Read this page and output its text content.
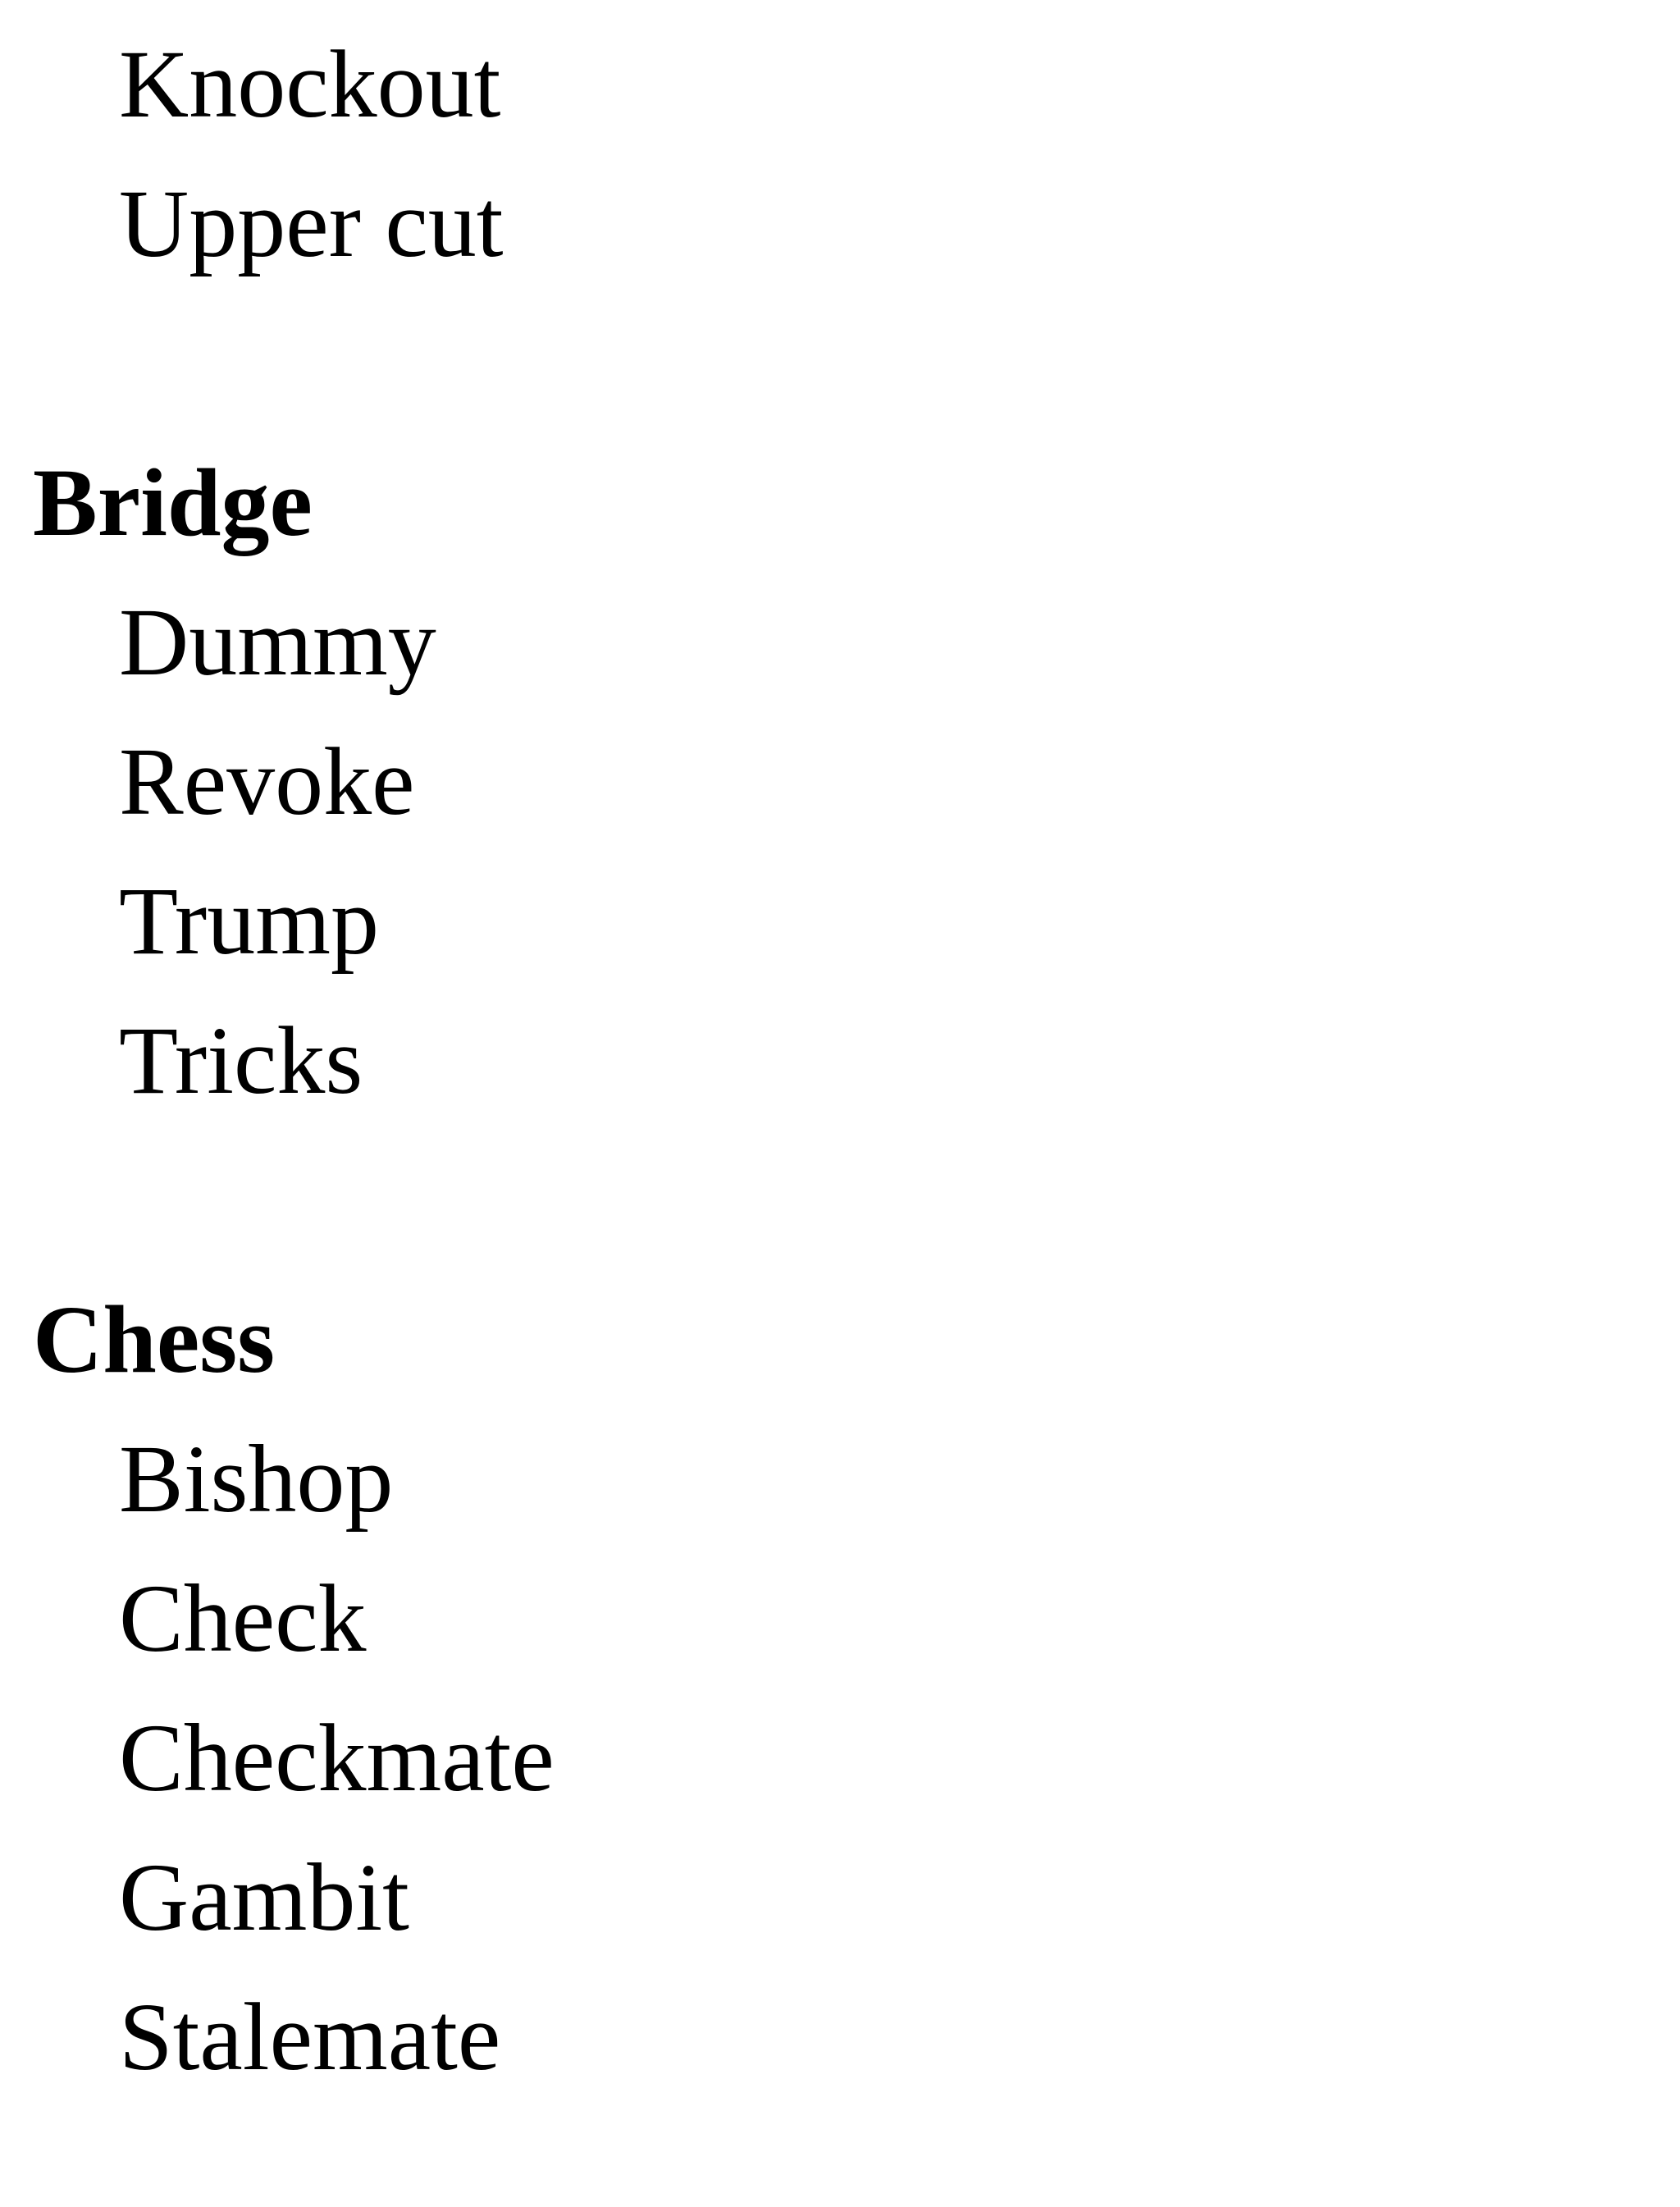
Knockout
Upper cut
Bridge
Dummy
Revoke
Trump
Tricks
Chess
Bishop
Check
Checkmate
Gambit
Stalemate
